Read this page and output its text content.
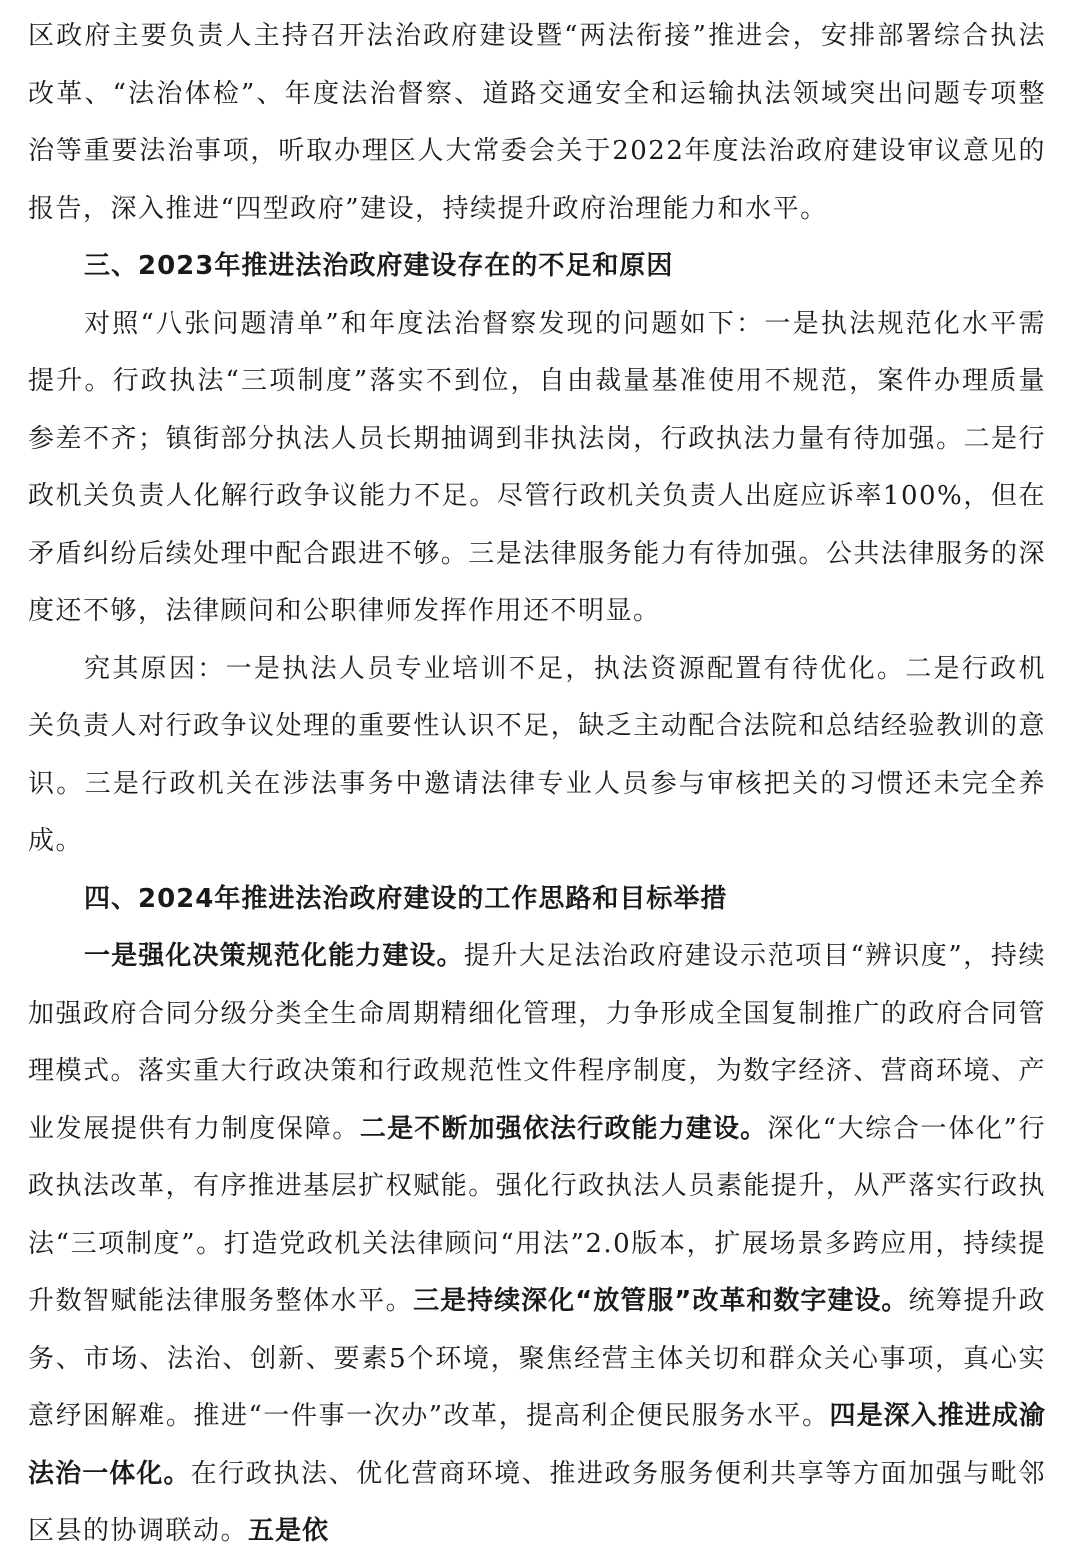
区政府主要负责人主持召开法治政府建设暨“两法衔接”推进会，安排部署综合执法改革、“法治体检”、年度法治督察、道路交通安全和运输执法领域突出问题专项整治等重要法治事项，听取办理区人大常委会关于2022年度法治政府建设审议意见的报告，深入推进“四型政府”建设，持续提升政府治理能力和水平。

三、2023年推进法治政府建设存在的不足和原因

对照“八张问题清单”和年度法治督察发现的问题如下：一是执法规范化水平需提升。行政执法“三项制度”落实不到位，自由裁量基准使用不规范，案件办理质量参差不齐；镇街部分执法人员长期抽调到非执法岗，行政执法力量有待加强。二是行政机关负责人化解行政争议能力不足。尽管行政机关负责人出庭应诉率100%，但在矛盾纠纷后续处理中配合跟进不够。三是法律服务能力有待加强。公共法律服务的深度还不够，法律顾问和公职律师发挥作用还不明显。

究其原因：一是执法人员专业培训不足，执法资源配置有待优化。二是行政机关负责人对行政争议处理的重要性认识不足，缺乏主动配合法院和总结经验教训的意识。三是行政机关在涉法事务中邀请法律专业人员参与审核把关的习惯还未完全养成。

四、2024年推进法治政府建设的工作思路和目标举措

一是强化决策规范化能力建设。提升大足法治政府建设示范项目“辨识度”，持续加强政府合同分级分类全生命周期精细化管理，力争形成全国复制推广的政府合同管理模式。落实重大行政决策和行政规范性文件程序制度，为数字经济、营商环境、产业发展提供有力制度保障。二是不断加强依法行政能力建设。深化“大综合一体化”行政执法改革，有序推进基层扩权赋能。强化行政执法人员素能提升，从严落实行政执法“三项制度”。打造党政机关法律顾问“用法”2.0版本，扩展场景多跨应用，持续提升数智赋能法律服务整体水平。三是持续深化“放管服”改革和数字建设。统筹提升政务、市场、法治、创新、要素5个环境，聚焦经营主体关切和群众关心事项，真心实意纾困解难。推进“一件事一次办”改革，提高利企便民服务水平。四是深入推进成渝法治一体化。在行政执法、优化营商环境、推进政务服务便利共享等方面加强与毗邻区县的协调联动。五是依
